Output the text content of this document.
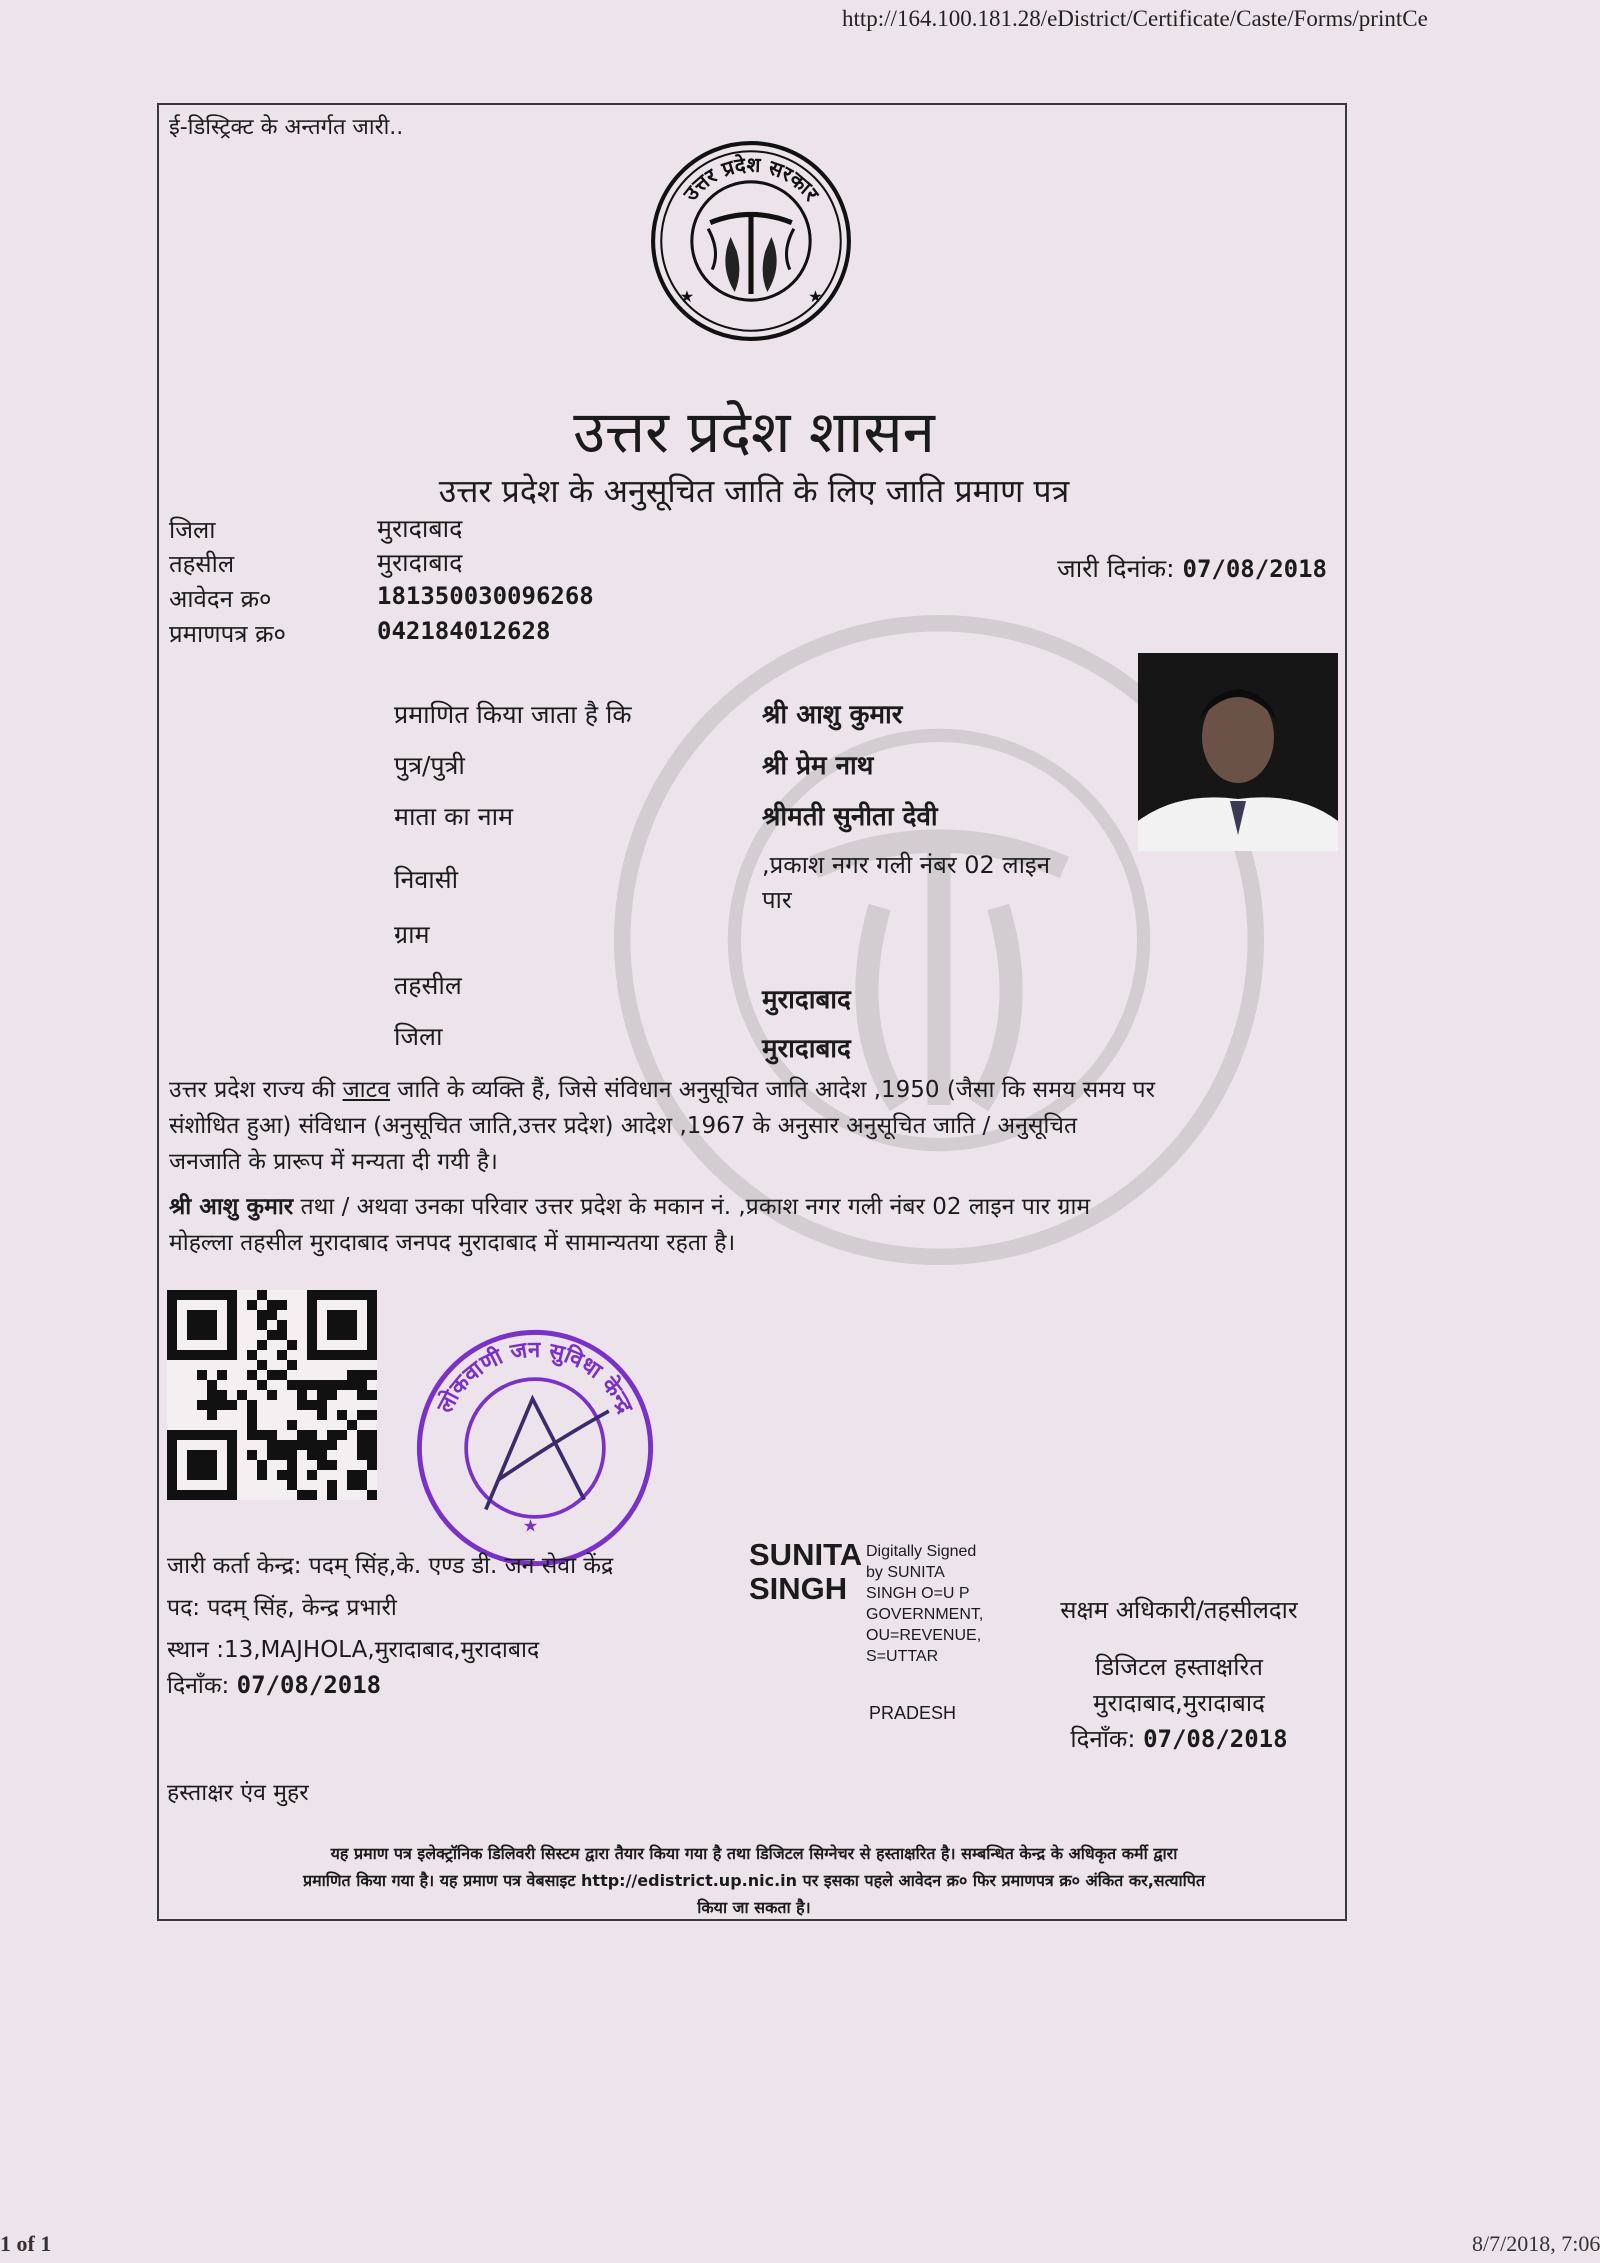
http://164.100.181.28/eDistrict/Certificate/Caste/Forms/printCe
ई-डिस्ट्रिक्ट के अन्तर्गत जारी..
उत्तर प्रदेश सरकार
★	★
उत्तर प्रदेश शासन
उत्तर प्रदेश के अनुसूचित जाति के लिए जाति प्रमाण पत्र
जिला	मुरादाबाद
तहसील	मुरादाबाद
आवेदन क्र०	181350030096268
प्रमाणपत्र क्र०	042184012628
जारी दिनांक: 07/08/2018
प्रमाणित किया जाता है कि	श्री आशु कुमार
पुत्र/पुत्री	श्री प्रेम नाथ
माता का नाम	श्रीमती सुनीता देवी
निवासी	,प्रकाश नगर गली नंबर 02 लाइन
पार
ग्राम
तहसील	मुरादाबाद
जिला	मुरादाबाद
उत्तर प्रदेश राज्य की जाटव जाति के व्यक्ति हैं, जिसे संविधान अनुसूचित जाति आदेश ,1950 (जैसा कि समय समय पर
संशोधित हुआ) संविधान (अनुसूचित जाति,उत्तर प्रदेश) आदेश ,1967 के अनुसार अनुसूचित जाति / अनुसूचित
जनजाति के प्रारूप में मन्यता दी गयी है।
श्री आशु कुमार तथा / अथवा उनका परिवार उत्तर प्रदेश के मकान नं. ,प्रकाश नगर गली नंबर 02 लाइन पार ग्राम
मोहल्ला तहसील मुरादाबाद जनपद मुरादाबाद में सामान्यतया रहता है।
लोकवाणी जन सुविधा केन्द्र
★
जारी कर्ता केन्द्र: पदम् सिंह,के. एण्ड डी. जन सेवा केंद्र
पद: पदम् सिंह, केन्द्र प्रभारी
स्थान :13,MAJHOLA,मुरादाबाद,मुरादाबाद
दिनाँक: 07/08/2018
SUNITA
SINGH
Digitally Signed
by SUNITA
SINGH O=U P
GOVERNMENT,
OU=REVENUE,
S=UTTAR
PRADESH
सक्षम अधिकारी/तहसीलदार
डिजिटल हस्ताक्षरित
मुरादाबाद,मुरादाबाद
दिनाँक: 07/08/2018
हस्ताक्षर एंव मुहर
यह प्रमाण पत्र इलेक्ट्रॉनिक डिलिवरी सिस्टम द्वारा तैयार किया गया है तथा डिजिटल सिग्नेचर से हस्ताक्षरित है। सम्बन्धित केन्द्र के अधिकृत कर्मी द्वारा
प्रमाणित किया गया है। यह प्रमाण पत्र वेबसाइट http://edistrict.up.nic.in पर इसका पहले आवेदन क्र० फिर प्रमाणपत्र क्र० अंकित कर,सत्यापित
किया जा सकता है।
1 of 1	8/7/2018, 7:06
